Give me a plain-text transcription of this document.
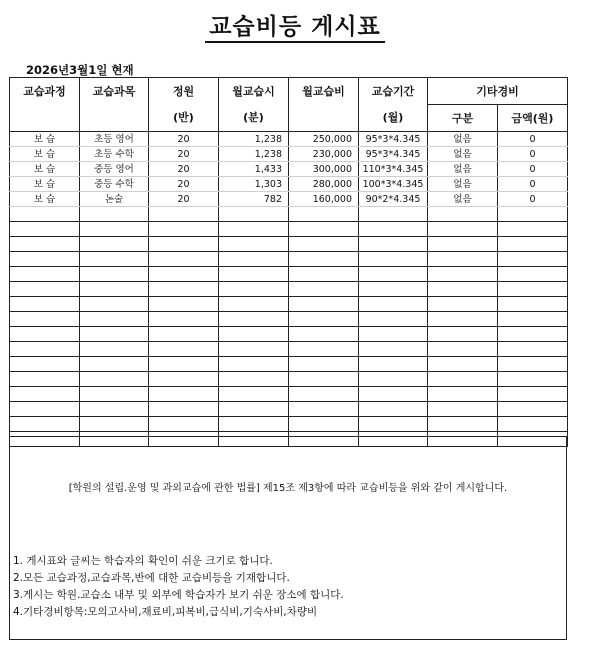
교습비등 게시표
2026년3월1일 현재
교습과정	교습과목	정원	월교습시	월교습비	교습기간	기타경비	
		(반)	(분)		(월)	구분	금액(원)
보 습	초등 영어	20	1,238	250,000	95*3*4.345	없음	0
보 습	초등 수학	20	1,238	230,000	95*3*4.345	없음	0
보 습	중등 영어	20	1,433	300,000	110*3*4.345	없음	0
보 습	중등 수학	20	1,303	280,000	100*3*4.345	없음	0
보 습	논술	20	782	160,000	90*2*4.345	없음	0

[학원의 설립.운영 및 과외교습에 관한 법률] 제15조 제3항에 따라 교습비등을 위와 같이 게시합니다.
1. 게시표와 글씨는 학습자의 확인이 쉬운 크기로 합니다.
2.모든 교습과정,교습과목,반에 대한 교습비등을 기재합니다.
3.게시는 학원.교습소 내부 및 외부에 학습자가 보기 쉬운 장소에 합니다.
4.기타경비항목:모의고사비,재료비,피복비,급식비,기숙사비,차량비
